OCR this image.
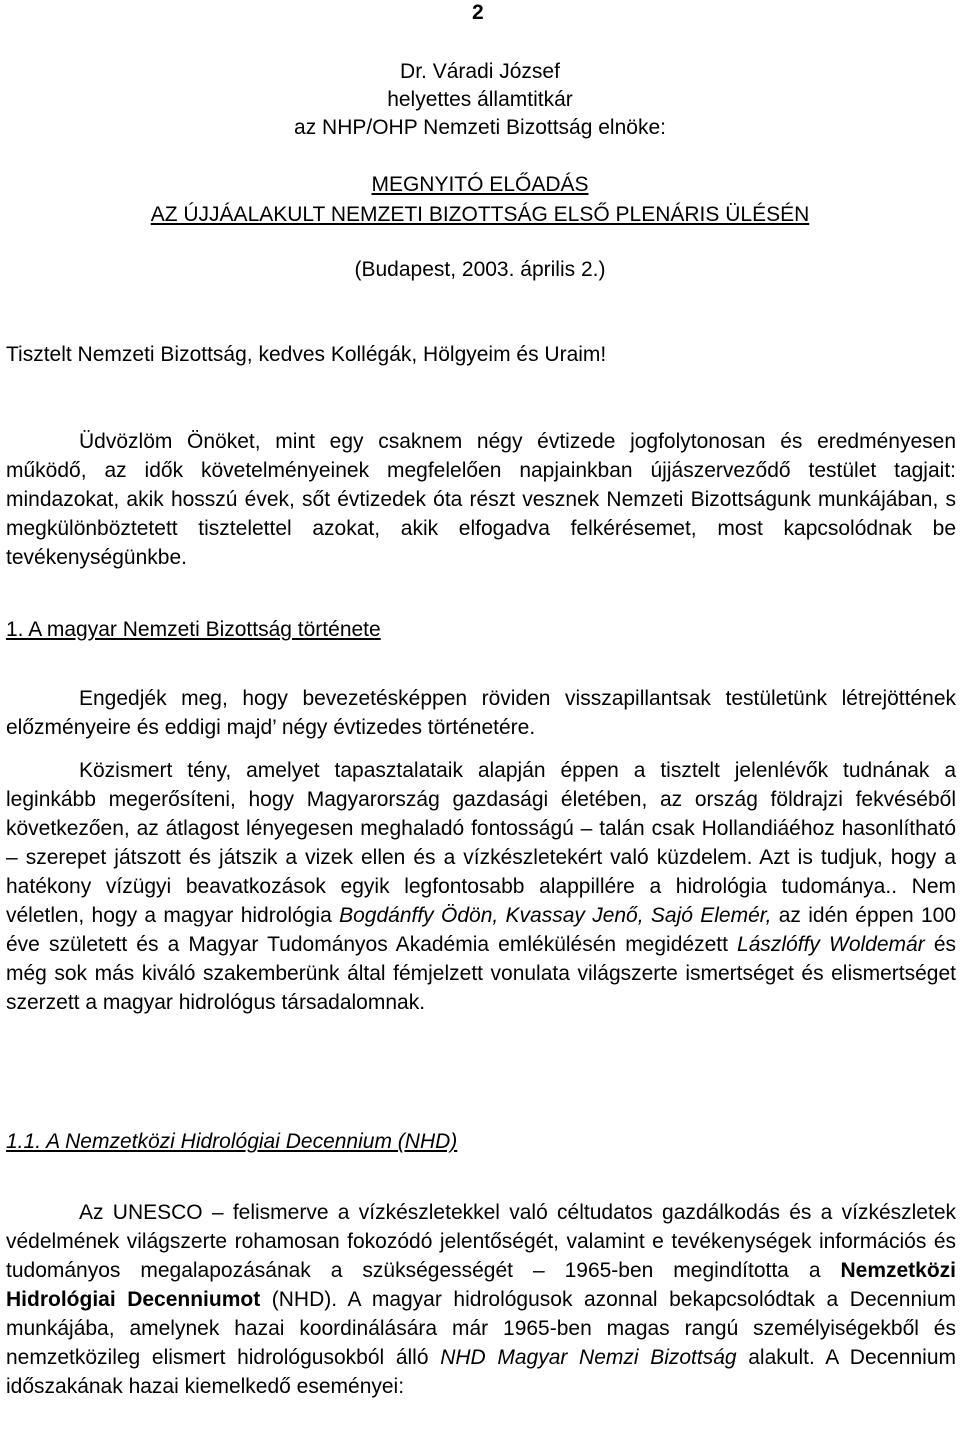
2
Dr. Váradi József
helyettes államtitkár
az NHP/OHP Nemzeti Bizottság elnöke:
MEGNYITÓ ELŐADÁS
AZ ÚJJÁALAKULT NEMZETI BIZOTTSÁG ELSŐ PLENÁRIS ÜLÉSÉN
(Budapest, 2003. április 2.)
Tisztelt Nemzeti Bizottság, kedves Kollégák, Hölgyeim és Uraim!

Üdvözlöm Önöket, mint egy csaknem négy évtizede jogfolytonosan és eredményesen működő, az idők követelményeinek megfelelően napjainkban újjászerveződő testület tagjait: mindazokat, akik hosszú évek, sőt évtizedek óta részt vesznek Nemzeti Bizottságunk munkájában, s megkülönböztetett tisztelettel azokat, akik elfogadva felkérésemet, most kapcsolódnak be tevékenységünkbe.

1. A magyar Nemzeti Bizottság története

Engedjék meg, hogy bevezetésképpen röviden visszapillantsak testületünk létrejöttének előzményeire és eddigi majd’ négy évtizedes történetére.

Közismert tény, amelyet tapasztalataik alapján éppen a tisztelt jelenlévők tudnának a leginkább megerősíteni, hogy Magyarország gazdasági életében, az ország földrajzi fekvéséből következően, az átlagost lényegesen meghaladó fontosságú – talán csak Hollandiáéhoz hasonlítható – szerepet játszott és játszik a vizek ellen és a vízkészletekért való küzdelem. Azt is tudjuk, hogy a hatékony vízügyi beavatkozások egyik legfontosabb alappillére a hidrológia tudománya.. Nem véletlen, hogy a magyar hidrológia Bogdánffy Ödön, Kvassay Jenő, Sajó Elemér, az idén éppen 100 éve született és a Magyar Tudományos Akadémia emlékülésén megidézett Lászlóffy Woldemár és még sok más kiváló szakemberünk által fémjelzett vonulata világszerte ismertséget és elismertséget szerzett a magyar hidrológus társadalomnak.

1.1. A Nemzetközi Hidrológiai Decennium (NHD)

Az UNESCO – felismerve a vízkészletekkel való céltudatos gazdálkodás és a vízkészletek védelmének világszerte rohamosan fokozódó jelentőségét, valamint e tevékenységek információs és tudományos megalapozásának a szükségességét – 1965-ben megindította a Nemzetközi Hidrológiai Decenniumot (NHD). A magyar hidrológusok azonnal bekapcsolódtak a Decennium munkájába, amelynek hazai koordinálására már 1965-ben magas rangú személyiségekből és nemzetközileg elismert hidrológusokból álló NHD Magyar Nemzi Bizottság alakult. A Decennium időszakának hazai kiemelkedő eseményei:
